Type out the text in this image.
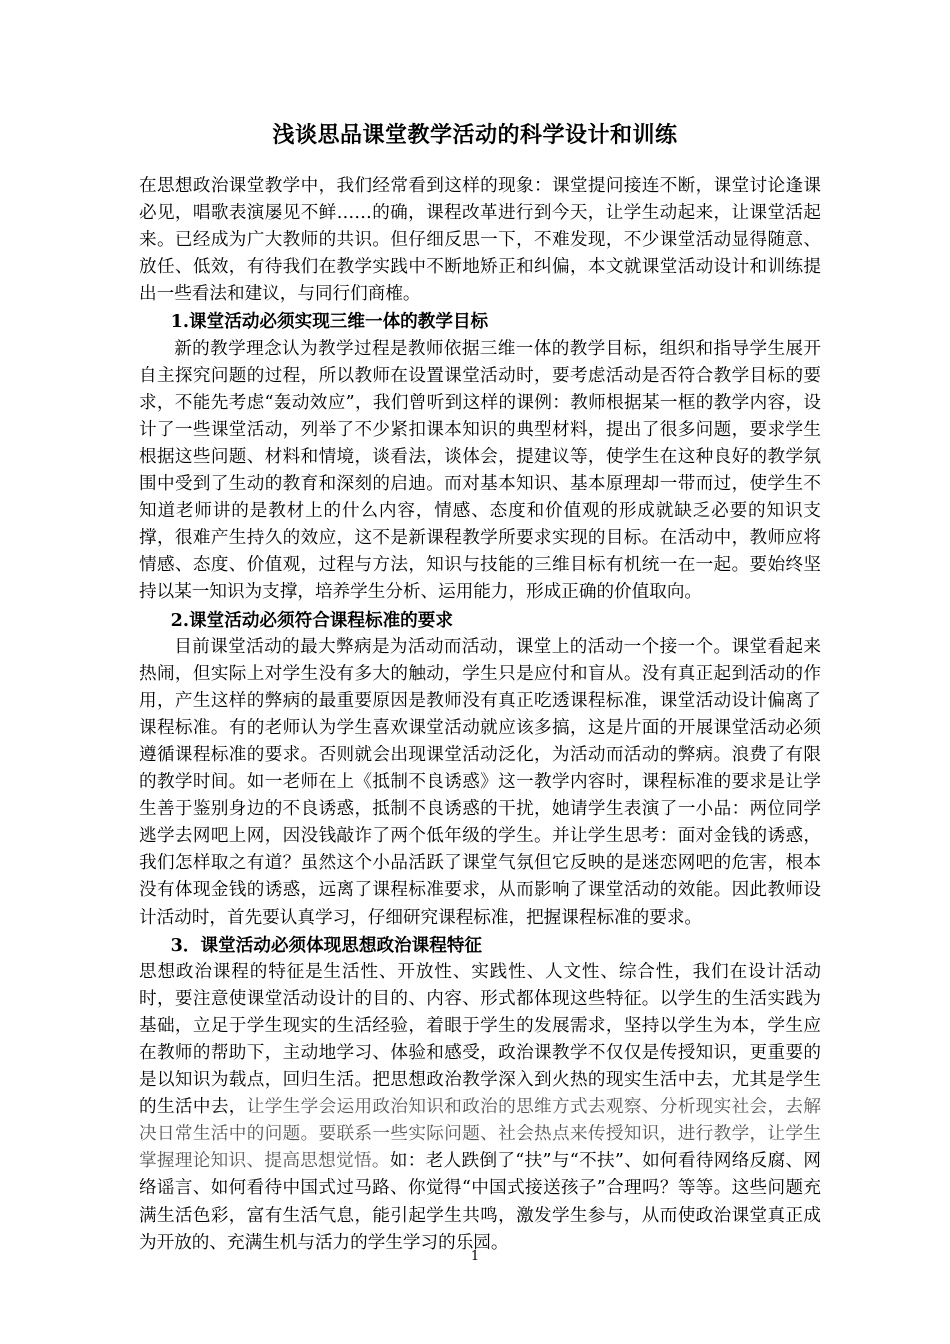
浅谈思品课堂教学活动的科学设计和训练

在思想政治课堂教学中，我们经常看到这样的现象：课堂提问接连不断，课堂讨论逢课必见，唱歌表演屡见不鲜……的确，课程改革进行到今天，让学生动起来，让课堂活起来。已经成为广大教师的共识。但仔细反思一下，不难发现，不少课堂活动显得随意、放任、低效，有待我们在教学实践中不断地矫正和纠偏，本文就课堂活动设计和训练提出一些看法和建议，与同行们商榷。

1.课堂活动必须实现三维一体的教学目标

新的教学理念认为教学过程是教师依据三维一体的教学目标，组织和指导学生展开自主探究问题的过程，所以教师在设置课堂活动时，要考虑活动是否符合教学目标的要求，不能先考虑“轰动效应”，我们曾听到这样的课例：教师根据某一框的教学内容，设计了一些课堂活动，列举了不少紧扣课本知识的典型材料，提出了很多问题，要求学生根据这些问题、材料和情境，谈看法，谈体会，提建议等，使学生在这种良好的教学氛围中受到了生动的教育和深刻的启迪。而对基本知识、基本原理却一带而过，使学生不知道老师讲的是教材上的什么内容，情感、态度和价值观的形成就缺乏必要的知识支撑，很难产生持久的效应，这不是新课程教学所要求实现的目标。在活动中，教师应将情感、态度、价值观，过程与方法，知识与技能的三维目标有机统一在一起。要始终坚持以某一知识为支撑，培养学生分析、运用能力，形成正确的价值取向。

2.课堂活动必须符合课程标准的要求

目前课堂活动的最大弊病是为活动而活动，课堂上的活动一个接一个。课堂看起来热闹，但实际上对学生没有多大的触动，学生只是应付和盲从。没有真正起到活动的作用，产生这样的弊病的最重要原因是教师没有真正吃透课程标准，课堂活动设计偏离了课程标准。有的老师认为学生喜欢课堂活动就应该多搞，这是片面的开展课堂活动必须遵循课程标准的要求。否则就会出现课堂活动泛化，为活动而活动的弊病。浪费了有限的教学时间。如一老师在上《抵制不良诱惑》这一教学内容时，课程标准的要求是让学生善于鉴别身边的不良诱惑，抵制不良诱惑的干扰，她请学生表演了一小品：两位同学逃学去网吧上网，因没钱敲诈了两个低年级的学生。并让学生思考：面对金钱的诱惑，我们怎样取之有道？虽然这个小品活跃了课堂气氛但它反映的是迷恋网吧的危害，根本没有体现金钱的诱惑，远离了课程标准要求，从而影响了课堂活动的效能。因此教师设计活动时，首先要认真学习，仔细研究课程标准，把握课程标准的要求。

3．课堂活动必须体现思想政治课程特征

思想政治课程的特征是生活性、开放性、实践性、人文性、综合性，我们在设计活动时，要注意使课堂活动设计的目的、内容、形式都体现这些特征。以学生的生活实践为基础，立足于学生现实的生活经验，着眼于学生的发展需求，坚持以学生为本，学生应在教师的帮助下，主动地学习、体验和感受，政治课教学不仅仅是传授知识，更重要的是以知识为载点，回归生活。把思想政治教学深入到火热的现实生活中去，尤其是学生的生活中去，让学生学会运用政治知识和政治的思维方式去观察、分析现实社会，去解决日常生活中的问题。要联系一些实际问题、社会热点来传授知识，进行教学，让学生掌握理论知识、提高思想觉悟。如：老人跌倒了“扶”与“不扶”、如何看待网络反腐、网络谣言、如何看待中国式过马路、你觉得“中国式接送孩子”合理吗？等等。这些问题充满生活色彩，富有生活气息，能引起学生共鸣，激发学生参与，从而使政治课堂真正成为开放的、充满生机与活力的学生学习的乐园。

1
